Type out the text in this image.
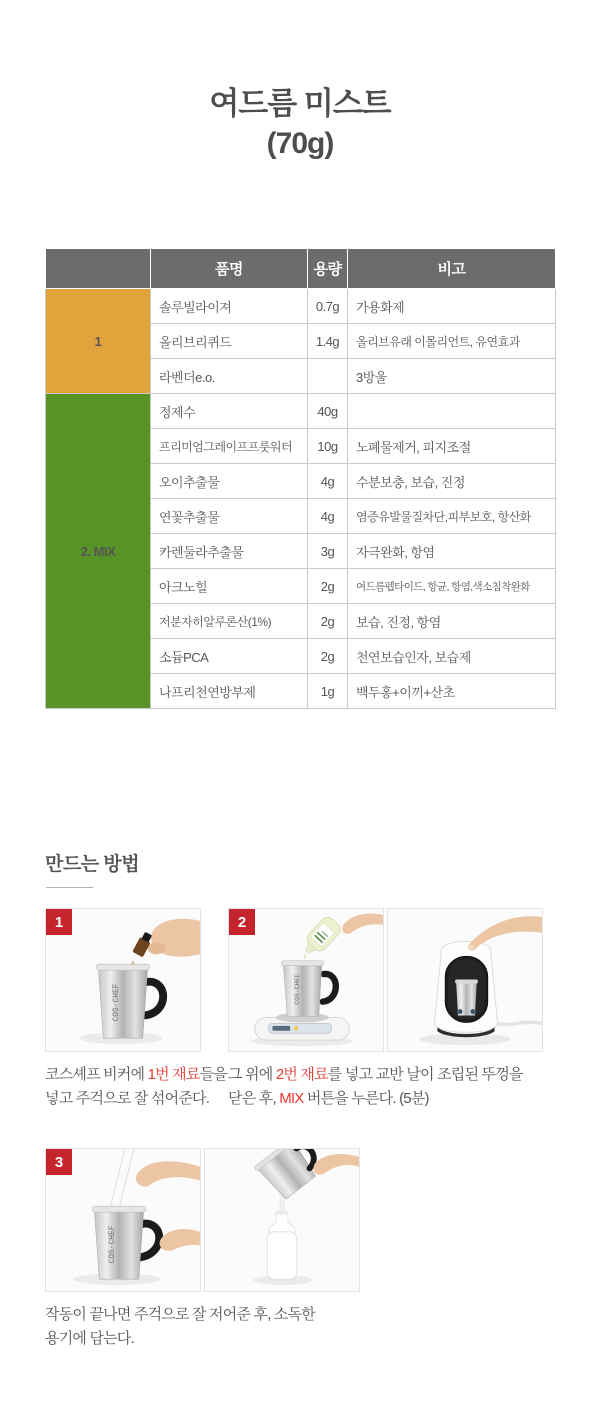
여드름 미스트
(70g)
	품명	용량	비고
1	솔루빌라이져	0.7g	가용화제
	올리브리퀴드	1.4g	올리브유래 이몰리언트, 유연효과
	라벤더e.o.		3방울
2. MIX	정제수	40g	
	프리미엄그레이프프룻워터	10g	노폐물제거, 피지조절
	오이추출물	4g	수분보충, 보습, 진정
	연꽃추출물	4g	염증유발물질차단,피부보호, 항산화
	카렌둘라추출물	3g	자극완화, 항염
	아크노힐	2g	여드름펩타이드, 항균, 항염,색소침착완화
	저분자히알루론산(1%)	2g	보습, 진정, 항염
	소듐PCA	2g	천연보습인자, 보습제
	나프리천연방부제	1g	백두홍+이끼+산초
만드는 방법
1
COS-CHEF

코스셰프 비커에 1번 재료들을
넣고 주걱으로 잘 섞어준다.

2
COS-CHEF

그 위에 2번 재료를 넣고 교반 날이 조립된 뚜껑을
닫은 후, MIX 버튼을 누른다. (5분)

3
COS-CHEF

작동이 끝나면 주걱으로 잘 저어준 후, 소독한
용기에 담는다.
